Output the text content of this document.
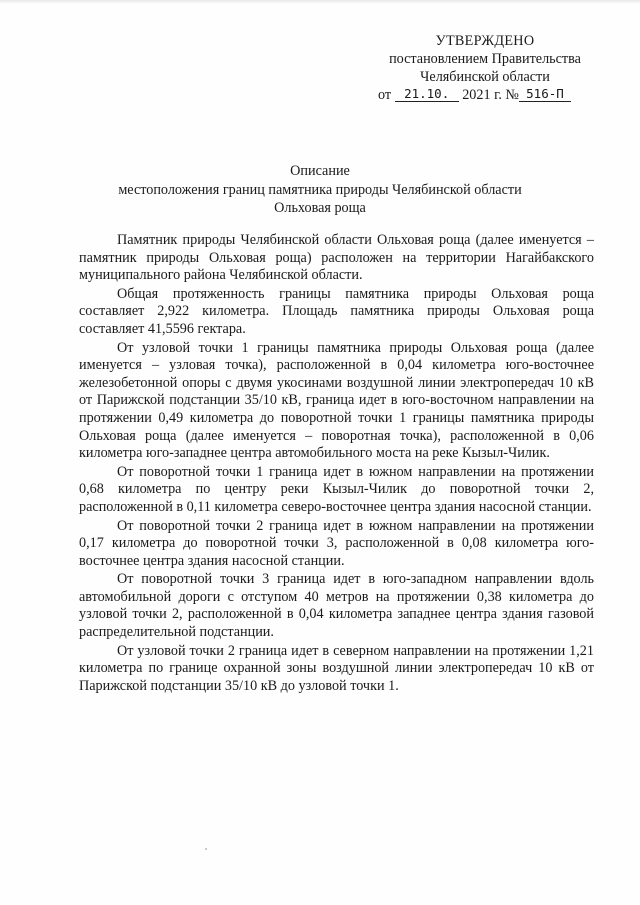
УТВЕРЖДЕНО
постановлением Правительства
Челябинской области
от 21.10. 2021 г. № 516-П
Описание
местоположения границ памятника природы Челябинской области
Ольховая роща

Памятник природы Челябинской области Ольховая роща (далее именуется – памятник природы Ольховая роща) расположен на территории Нагайбакского муниципального района Челябинской области.

Общая протяженность границы памятника природы Ольховая роща составляет 2,922 километра. Площадь памятника природы Ольховая роща составляет 41,5596 гектара.

От узловой точки 1 границы памятника природы Ольховая роща (далее именуется – узловая точка), расположенной в 0,04 километра юго-восточнее железобетонной опоры с двумя укосинами воздушной линии электропередач 10 кВ от Парижской подстанции 35/10 кВ, граница идет в юго-восточном направлении на протяжении 0,49 километра до поворотной точки 1 границы памятника природы Ольховая роща (далее именуется – поворотная точка), расположенной в 0,06 километра юго-западнее центра автомобильного моста на реке Кызыл-Чилик.

От поворотной точки 1 граница идет в южном направлении на протяжении 0,68 километра по центру реки Кызыл-Чилик до поворотной точки 2, расположенной в 0,11 километра северо-восточнее центра здания насосной станции.

От поворотной точки 2 граница идет в южном направлении на протяжении 0,17 километра до поворотной точки 3, расположенной в 0,08 километра юго-восточнее центра здания насосной станции.

От поворотной точки 3 граница идет в юго-западном направлении вдоль автомобильной дороги с отступом 40 метров на протяжении 0,38 километра до узловой точки 2, расположенной в 0,04 километра западнее центра здания газовой распределительной подстанции.

От узловой точки 2 граница идет в северном направлении на протяжении 1,21 километра по границе охранной зоны воздушной линии электропередач 10 кВ от Парижской подстанции 35/10 кВ до узловой точки 1.
